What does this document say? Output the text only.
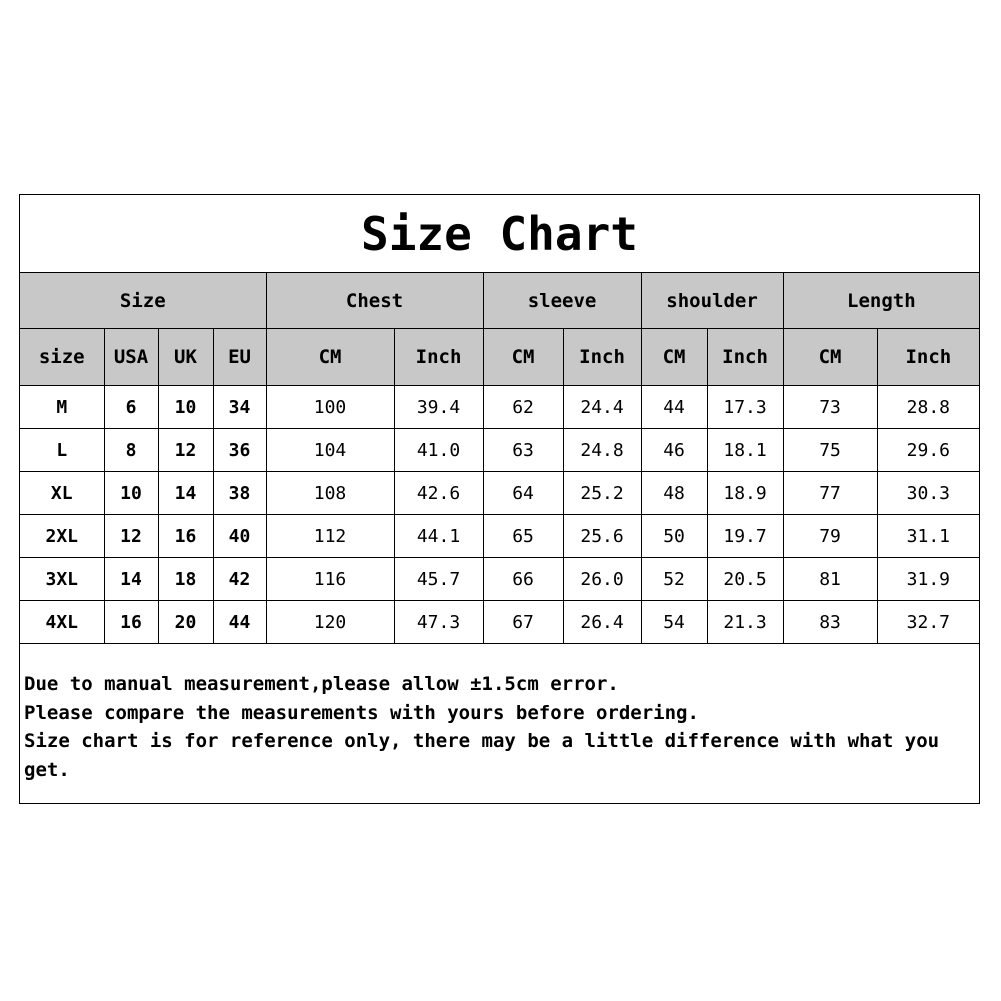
Size Chart
Size				Chest		sleeve		shoulder		Length	
size	USA	UK	EU	CM	Inch	CM	Inch	CM	Inch	CM	Inch
M	6	10	34	100	39.4	62	24.4	44	17.3	73	28.8
L	8	12	36	104	41.0	63	24.8	46	18.1	75	29.6
XL	10	14	38	108	42.6	64	25.2	48	18.9	77	30.3
2XL	12	16	40	112	44.1	65	25.6	50	19.7	79	31.1
3XL	14	18	42	116	45.7	66	26.0	52	20.5	81	31.9
4XL	16	20	44	120	47.3	67	26.4	54	21.3	83	32.7
Due to manual measurement,please allow ±1.5cm error.
Please compare the measurements with yours before ordering.
Size chart is for reference only, there may be a little difference with what you get.
